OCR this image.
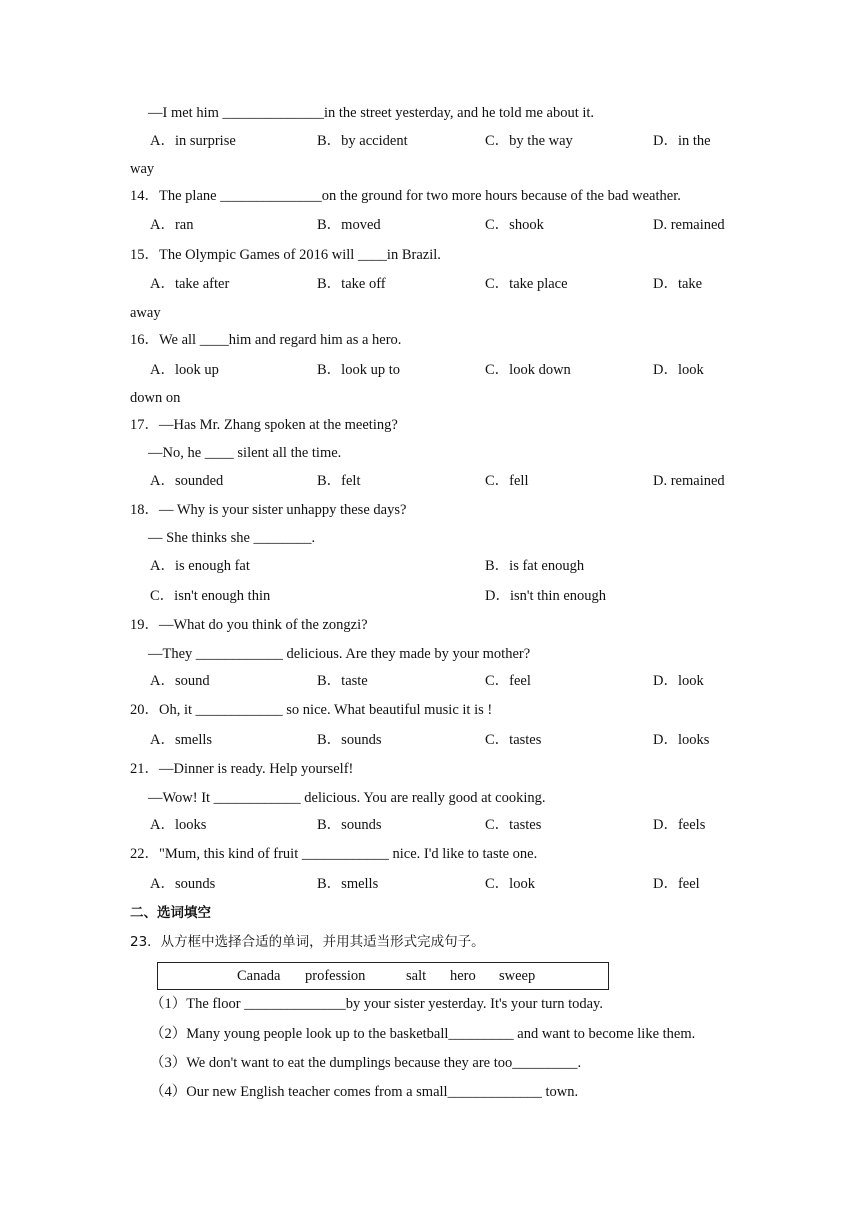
—I met him ______________in the street yesterday, and he told me about it.
A．in surprise	B．by accident	C．by the way	D．in the
way
14．The plane ______________on the ground for two more hours because of the bad weather.
A．ran	B．moved	C．shook	D. remained
15．The Olympic Games of 2016 will ____in Brazil.
A．take after	B．take off	C．take place	D．take
away
16．We all ____him and regard him as a hero.
A．look up	B．look up to	C．look down	D．look
down on
17．—Has Mr. Zhang spoken at the meeting?
—No, he ____ silent all the time.
A．sounded	B．felt	C．fell	D. remained
18．— Why is your sister unhappy these days?
— She thinks she ________.
A．is enough fat	B．is fat enough
C．isn't enough thin	D．isn't thin enough
19．—What do you think of the zongzi?
—They ____________ delicious. Are they made by your mother?
A．sound	B．taste	C．feel	D．look
20．Oh, it ____________ so nice. What beautiful music it is !
A．smells	B．sounds	C．tastes	D．looks
21．—Dinner is ready. Help yourself!
—Wow! It ____________ delicious. You are really good at cooking.
A．looks	B．sounds	C．tastes	D．feels
22．"Mum, this kind of fruit ____________ nice. I'd like to taste one.
A．sounds	B．smells	C．look	D．feel
二、选词填空
23．从方框中选择合适的单词，并用其适当形式完成句子。
Canada profession	salt hero sweep
（1）The floor ______________by your sister yesterday. It's your turn today.
（2）Many young people look up to the basketball_________ and want to become like them.
（3）We don't want to eat the dumplings because they are too_________.
（4）Our new English teacher comes from a small_____________ town.
